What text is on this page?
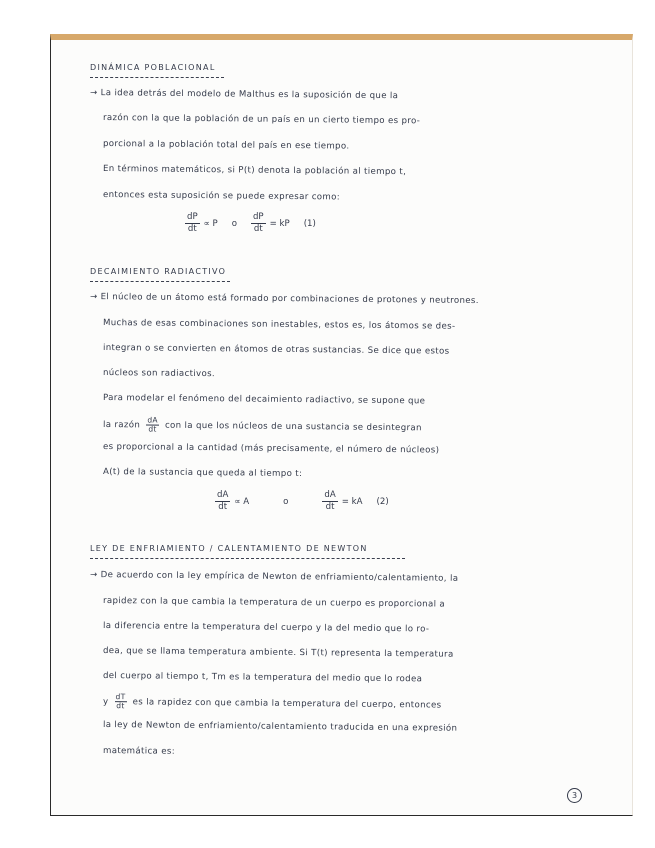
DINÁMICA POBLACIONAL
→ La idea detrás del modelo de Malthus es la suposición de que la
razón con la que la población de un país en un cierto tiempo es pro-
porcional a la población total del país en ese tiempo.
En términos matemáticos, si P(t) denota la población al tiempo t,
entonces esta suposición se puede expresar como:
$\frac{dP}{dt} \propto P$ o $\frac{dP}{dt}$ = kP (1)
DECAIMIENTO RADIACTIVO
→ El núcleo de un átomo está formado por combinaciones de protones y neutrones.
Muchas de esas combinaciones son inestables, estos es, los átomos se des-
integran o se convierten en átomos de otras sustancias. Se dice que estos
núcleos son radiactivos.
Para modelar el fenómeno del decaimiento radiactivo, se supone que
la razón $\frac{dA}{dt}$ con la que los núcleos de una sustancia se desintegran
es proporcional a la cantidad (más precisamente, el número de núcleos)
A(t) de la sustancia que queda al tiempo t:
$\frac{dA}{dt} \propto A$	o	$\frac{dA}{dt}$ = kA (2)
LEY DE ENFRIAMIENTO / CALENTAMIENTO DE NEWTON
→ De acuerdo con la ley empírica de Newton de enfriamiento/calentamiento, la
rapidez con la que cambia la temperatura de un cuerpo es proporcional a
la diferencia entre la temperatura del cuerpo y la del medio que lo ro-
dea, que se llama temperatura ambiente. Si T(t) representa la temperatura
del cuerpo al tiempo t, Tm es la temperatura del medio que lo rodea
y $\frac{dT}{dt}$ es la rapidez con que cambia la temperatura del cuerpo, entonces
la ley de Newton de enfriamiento/calentamiento traducida en una expresión
matemática es:
3
